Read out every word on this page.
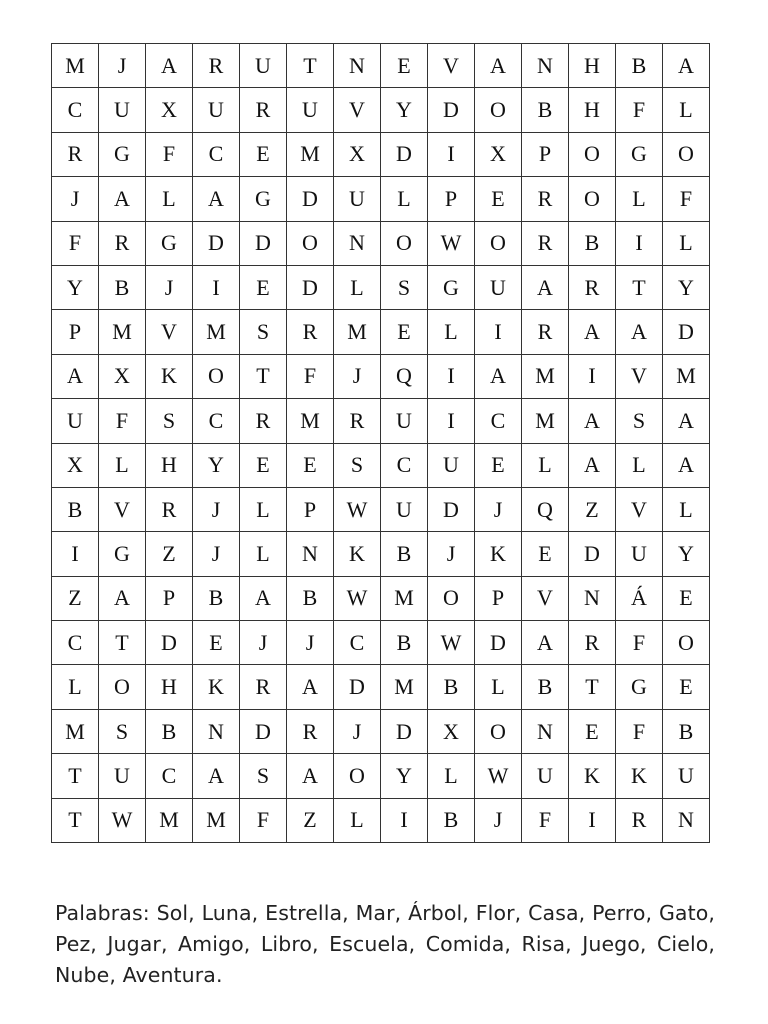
M	J	A	R	U	T	N	E	V	A	N	H	B	A
C	U	X	U	R	U	V	Y	D	O	B	H	F	L
R	G	F	C	E	M	X	D	I	X	P	O	G	O
J	A	L	A	G	D	U	L	P	E	R	O	L	F
F	R	G	D	D	O	N	O	W	O	R	B	I	L
Y	B	J	I	E	D	L	S	G	U	A	R	T	Y
P	M	V	M	S	R	M	E	L	I	R	A	A	D
A	X	K	O	T	F	J	Q	I	A	M	I	V	M
U	F	S	C	R	M	R	U	I	C	M	A	S	A
X	L	H	Y	E	E	S	C	U	E	L	A	L	A
B	V	R	J	L	P	W	U	D	J	Q	Z	V	L
I	G	Z	J	L	N	K	B	J	K	E	D	U	Y
Z	A	P	B	A	B	W	M	O	P	V	N	Á	E
C	T	D	E	J	J	C	B	W	D	A	R	F	O
L	O	H	K	R	A	D	M	B	L	B	T	G	E
M	S	B	N	D	R	J	D	X	O	N	E	F	B
T	U	C	A	S	A	O	Y	L	W	U	K	K	U
T	W	M	M	F	Z	L	I	B	J	F	I	R	N

Palabras: Sol, Luna, Estrella, Mar, Árbol, Flor, Casa, Perro, Gato, Pez, Jugar, Amigo, Libro, Escuela, Comida, Risa, Juego, Cielo, Nube, Aventura.
